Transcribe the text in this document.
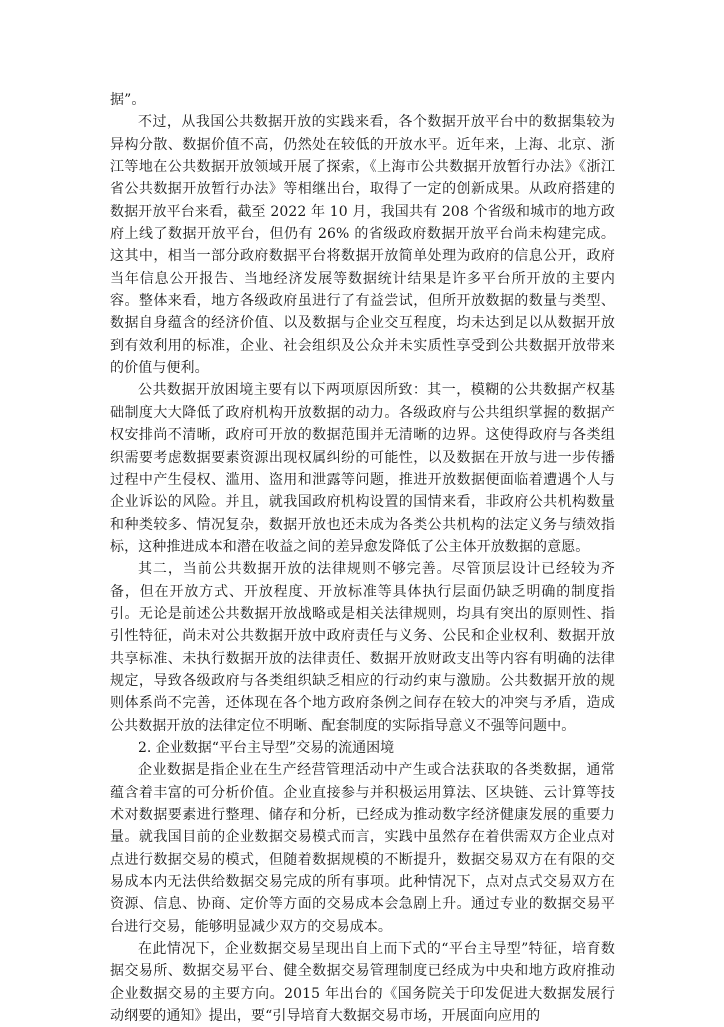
据”。

不过，从我国公共数据开放的实践来看，各个数据开放平台中的数据集较为异构分散、数据价值不高，仍然处在较低的开放水平。近年来，上海、北京、浙江等地在公共数据开放领域开展了探索，《上海市公共数据开放暂行办法》《浙江省公共数据开放暂行办法》等相继出台，取得了一定的创新成果。从政府搭建的数据开放平台来看，截至 2022 年 10 月，我国共有 208 个省级和城市的地方政府上线了数据开放平台，但仍有 26% 的省级政府数据开放平台尚未构建完成。这其中，相当一部分政府数据平台将数据开放简单处理为政府的信息公开，政府当年信息公开报告、当地经济发展等数据统计结果是许多平台所开放的主要内容。整体来看，地方各级政府虽进行了有益尝试，但所开放数据的数量与类型、数据自身蕴含的经济价值、以及数据与企业交互程度，均未达到足以从数据开放到有效利用的标准，企业、社会组织及公众并未实质性享受到公共数据开放带来的价值与便利。

公共数据开放困境主要有以下两项原因所致：其一，模糊的公共数据产权基础制度大大降低了政府机构开放数据的动力。各级政府与公共组织掌握的数据产权安排尚不清晰，政府可开放的数据范围并无清晰的边界。这使得政府与各类组织需要考虑数据要素资源出现权属纠纷的可能性，以及数据在开放与进一步传播过程中产生侵权、滥用、盗用和泄露等问题，推进开放数据便面临着遭遇个人与企业诉讼的风险。并且，就我国政府机构设置的国情来看，非政府公共机构数量和种类较多、情况复杂，数据开放也还未成为各类公共机构的法定义务与绩效指标，这种推进成本和潜在收益之间的差异愈发降低了公主体开放数据的意愿。

其二，当前公共数据开放的法律规则不够完善。尽管顶层设计已经较为齐备，但在开放方式、开放程度、开放标准等具体执行层面仍缺乏明确的制度指引。无论是前述公共数据开放战略或是相关法律规则，均具有突出的原则性、指引性特征，尚未对公共数据开放中政府责任与义务、公民和企业权利、数据开放共享标准、未执行数据开放的法律责任、数据开放财政支出等内容有明确的法律规定，导致各级政府与各类组织缺乏相应的行动约束与激励。公共数据开放的规则体系尚不完善，还体现在各个地方政府条例之间存在较大的冲突与矛盾，造成公共数据开放的法律定位不明晰、配套制度的实际指导意义不强等问题中。

2. 企业数据“平台主导型”交易的流通困境

企业数据是指企业在生产经营管理活动中产生或合法获取的各类数据，通常蕴含着丰富的可分析价值。企业直接参与并积极运用算法、区块链、云计算等技术对数据要素进行整理、储存和分析，已经成为推动数字经济健康发展的重要力量。就我国目前的企业数据交易模式而言，实践中虽然存在着供需双方企业点对点进行数据交易的模式，但随着数据规模的不断提升，数据交易双方在有限的交易成本内无法供给数据交易完成的所有事项。此种情况下，点对点式交易双方在资源、信息、协商、定价等方面的交易成本会急剧上升。通过专业的数据交易平台进行交易，能够明显减少双方的交易成本。

在此情况下，企业数据交易呈现出自上而下式的“平台主导型”特征，培育数据交易所、数据交易平台、健全数据交易管理制度已经成为中央和地方政府推动企业数据交易的主要方向。2015 年出台的《国务院关于印发促进大数据发展行动纲要的通知》提出，要“引导培育大数据交易市场，开展面向应用的
